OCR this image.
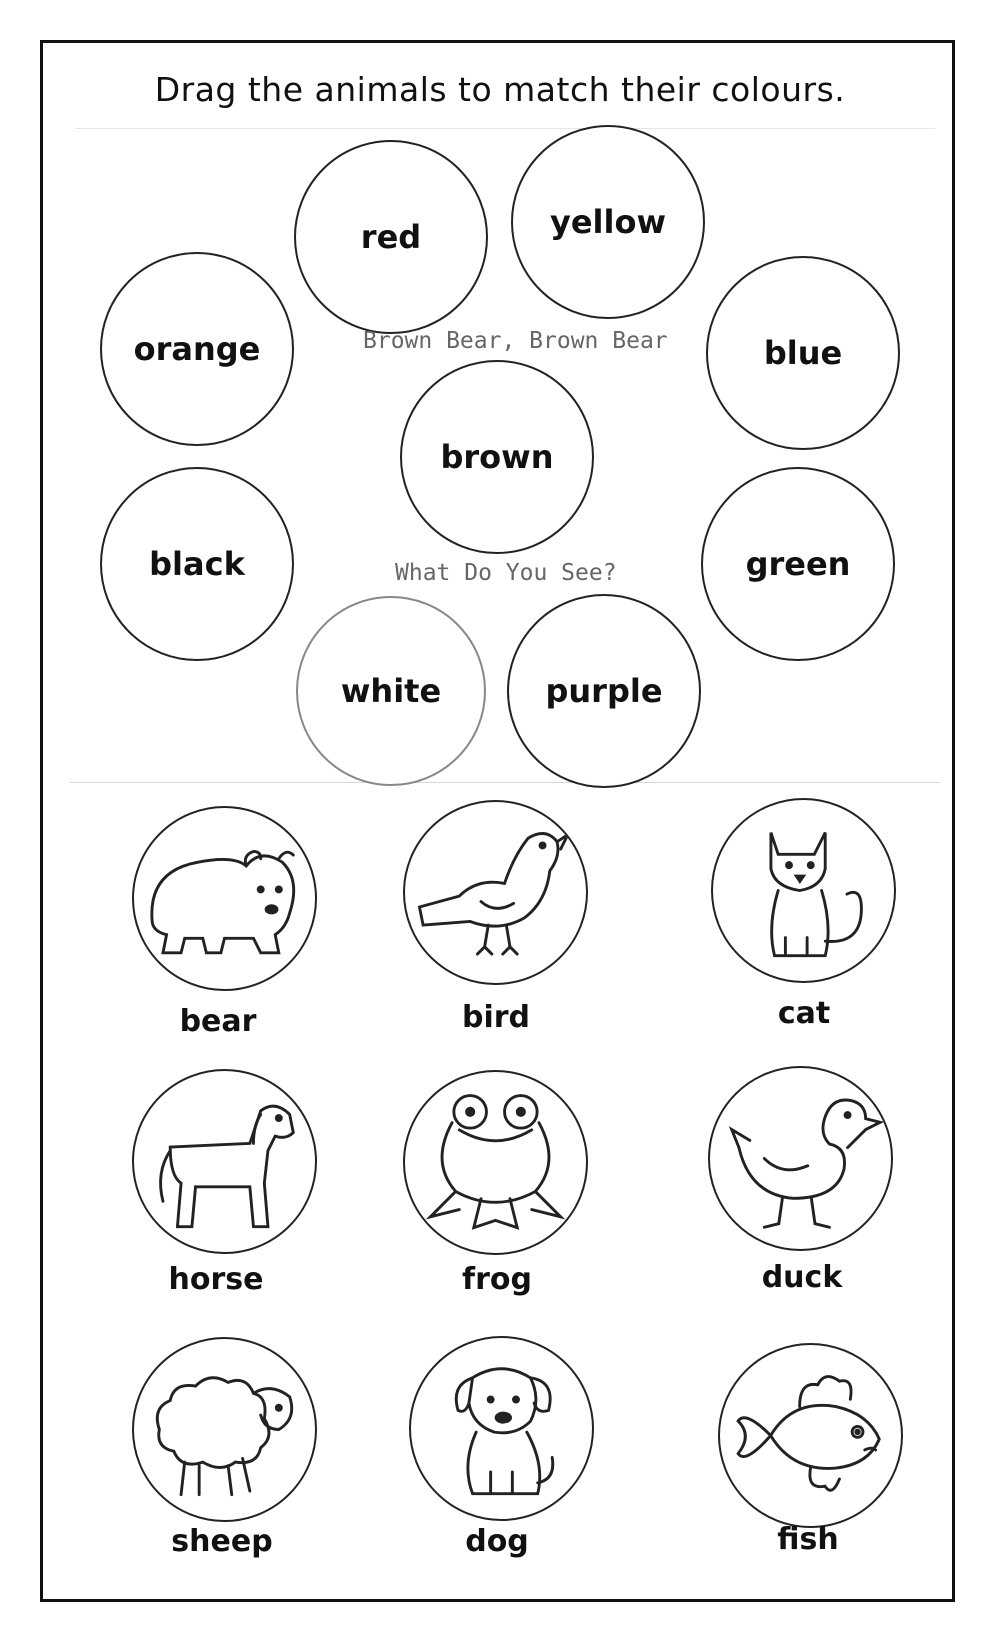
Drag the animals to match their colours.
red	yellow
orange	blue
brown
black	green
white	purple
Brown Bear, Brown Bear
What Do You See?
bear	bird	cat
horse	frog	duck
sheep	dog	fish
